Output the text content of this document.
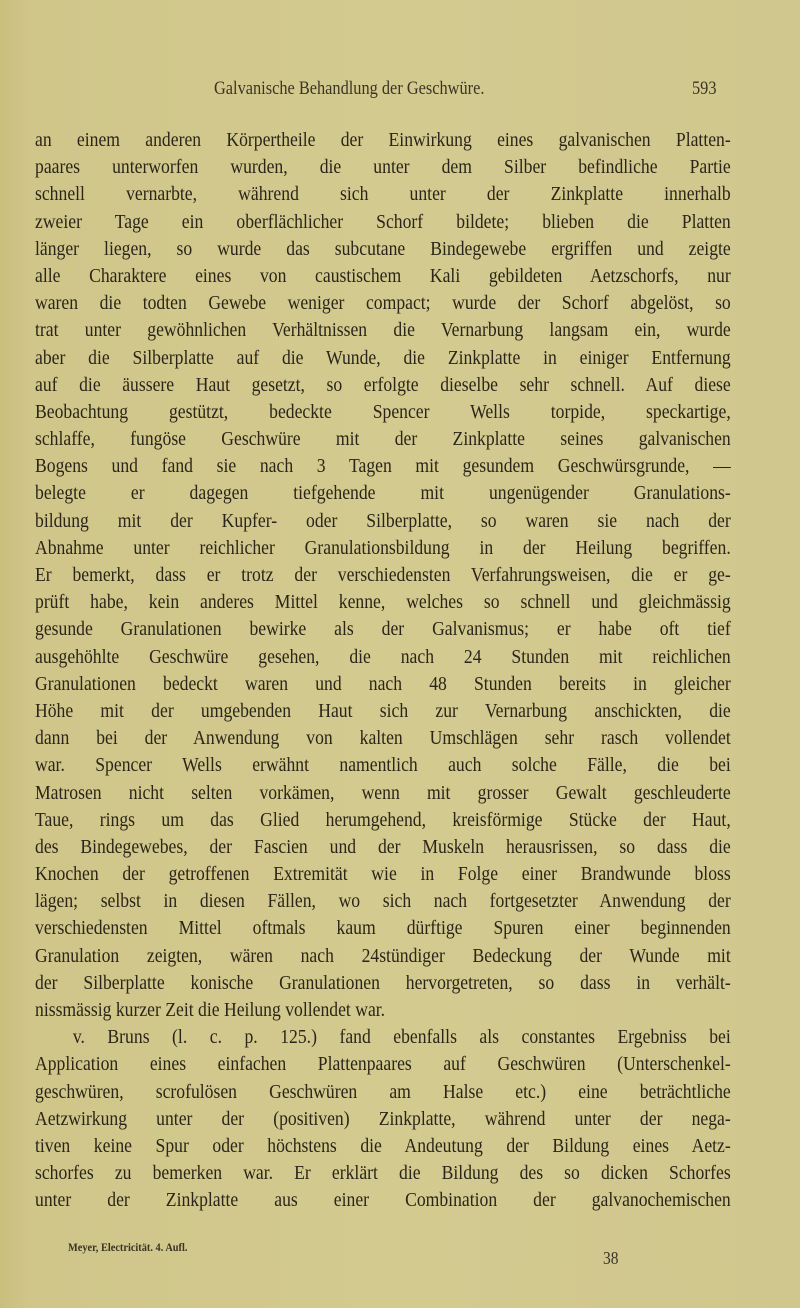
Galvanische Behandlung der Geschwüre.	593
an einem anderen Körpertheile der Einwirkung eines galvanischen Platten-
paares unterworfen wurden, die unter dem Silber befindliche Partie
schnell vernarbte, während sich unter der Zinkplatte innerhalb
zweier Tage ein oberflächlicher Schorf bildete; blieben die Platten
länger liegen, so wurde das subcutane Bindegewebe ergriffen und zeigte
alle Charaktere eines von caustischem Kali gebildeten Aetzschorfs, nur
waren die todten Gewebe weniger compact; wurde der Schorf abgelöst, so
trat unter gewöhnlichen Verhältnissen die Vernarbung langsam ein, wurde
aber die Silberplatte auf die Wunde, die Zinkplatte in einiger Entfernung
auf die äussere Haut gesetzt, so erfolgte dieselbe sehr schnell. Auf diese
Beobachtung gestützt, bedeckte Spencer Wells torpide, speckartige,
schlaffe, fungöse Geschwüre mit der Zinkplatte seines galvanischen
Bogens und fand sie nach 3 Tagen mit gesundem Geschwürsgrunde, —
belegte er dagegen tiefgehende mit ungenügender Granulations-
bildung mit der Kupfer- oder Silberplatte, so waren sie nach der
Abnahme unter reichlicher Granulationsbildung in der Heilung begriffen.
Er bemerkt, dass er trotz der verschiedensten Verfahrungsweisen, die er ge-
prüft habe, kein anderes Mittel kenne, welches so schnell und gleichmässig
gesunde Granulationen bewirke als der Galvanismus; er habe oft tief
ausgehöhlte Geschwüre gesehen, die nach 24 Stunden mit reichlichen
Granulationen bedeckt waren und nach 48 Stunden bereits in gleicher
Höhe mit der umgebenden Haut sich zur Vernarbung anschickten, die
dann bei der Anwendung von kalten Umschlägen sehr rasch vollendet
war. Spencer Wells erwähnt namentlich auch solche Fälle, die bei
Matrosen nicht selten vorkämen, wenn mit grosser Gewalt geschleuderte
Taue, rings um das Glied herumgehend, kreisförmige Stücke der Haut,
des Bindegewebes, der Fascien und der Muskeln herausrissen, so dass die
Knochen der getroffenen Extremität wie in Folge einer Brandwunde bloss
lägen; selbst in diesen Fällen, wo sich nach fortgesetzter Anwendung der
verschiedensten Mittel oftmals kaum dürftige Spuren einer beginnenden
Granulation zeigten, wären nach 24stündiger Bedeckung der Wunde mit
der Silberplatte konische Granulationen hervorgetreten, so dass in verhält-
nissmässig kurzer Zeit die Heilung vollendet war.
v. Bruns (l. c. p. 125.) fand ebenfalls als constantes Ergebniss bei
Application eines einfachen Plattenpaares auf Geschwüren (Unterschenkel-
geschwüren, scrofulösen Geschwüren am Halse etc.) eine beträchtliche
Aetzwirkung unter der (positiven) Zinkplatte, während unter der nega-
tiven keine Spur oder höchstens die Andeutung der Bildung eines Aetz-
schorfes zu bemerken war. Er erklärt die Bildung des so dicken Schorfes
unter der Zinkplatte aus einer Combination der galvanochemischen
Meyer, Electricität. 4. Aufl.	38
